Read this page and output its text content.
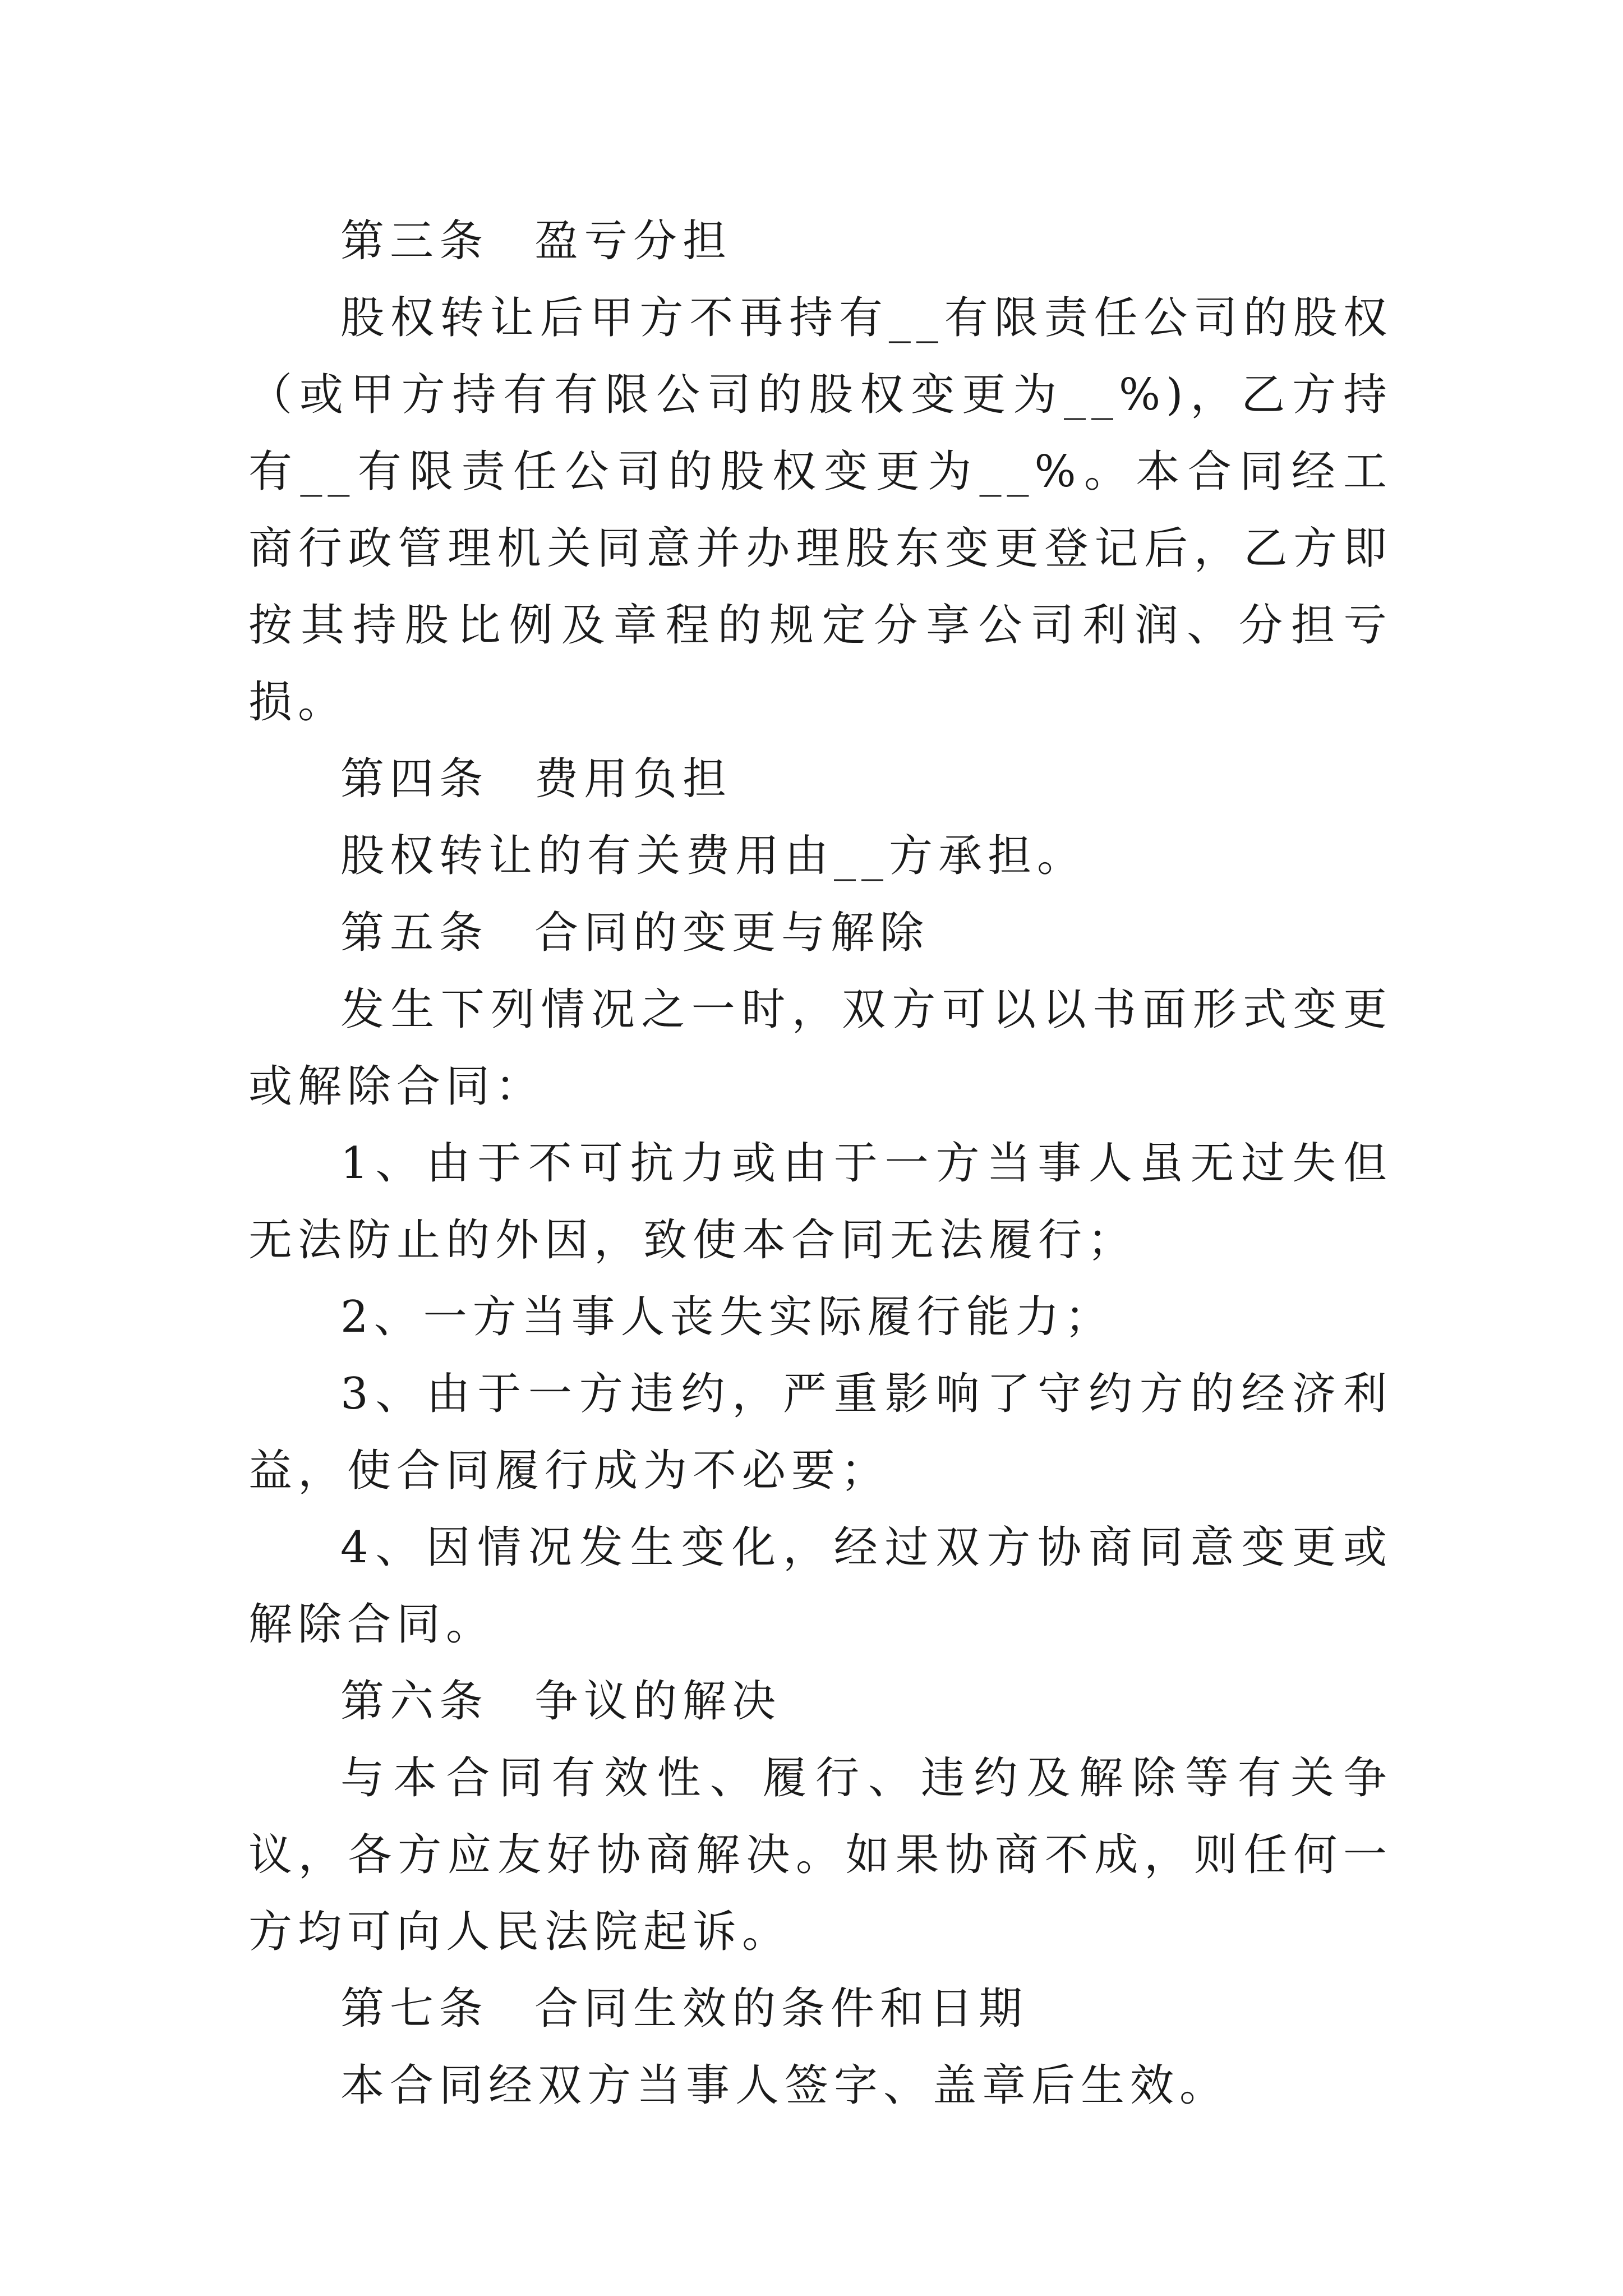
第三条 盈亏分担

股权转让后甲方不再持有__有限责任公司的股权（或甲方持有有限公司的股权变更为__%)，乙方持有__有限责任公司的股权变更为__%。本合同经工商行政管理机关同意并办理股东变更登记后，乙方即按其持股比例及章程的规定分享公司利润、分担亏损。

第四条 费用负担

股权转让的有关费用由__方承担。

第五条 合同的变更与解除

发生下列情况之一时，双方可以以书面形式变更或解除合同：

1、由于不可抗力或由于一方当事人虽无过失但无法防止的外因，致使本合同无法履行；

2、一方当事人丧失实际履行能力；

3、由于一方违约，严重影响了守约方的经济利益，使合同履行成为不必要；

4、因情况发生变化，经过双方协商同意变更或解除合同。

第六条 争议的解决

与本合同有效性、履行、违约及解除等有关争议，各方应友好协商解决。如果协商不成，则任何一方均可向人民法院起诉。

第七条 合同生效的条件和日期

本合同经双方当事人签字、盖章后生效。
